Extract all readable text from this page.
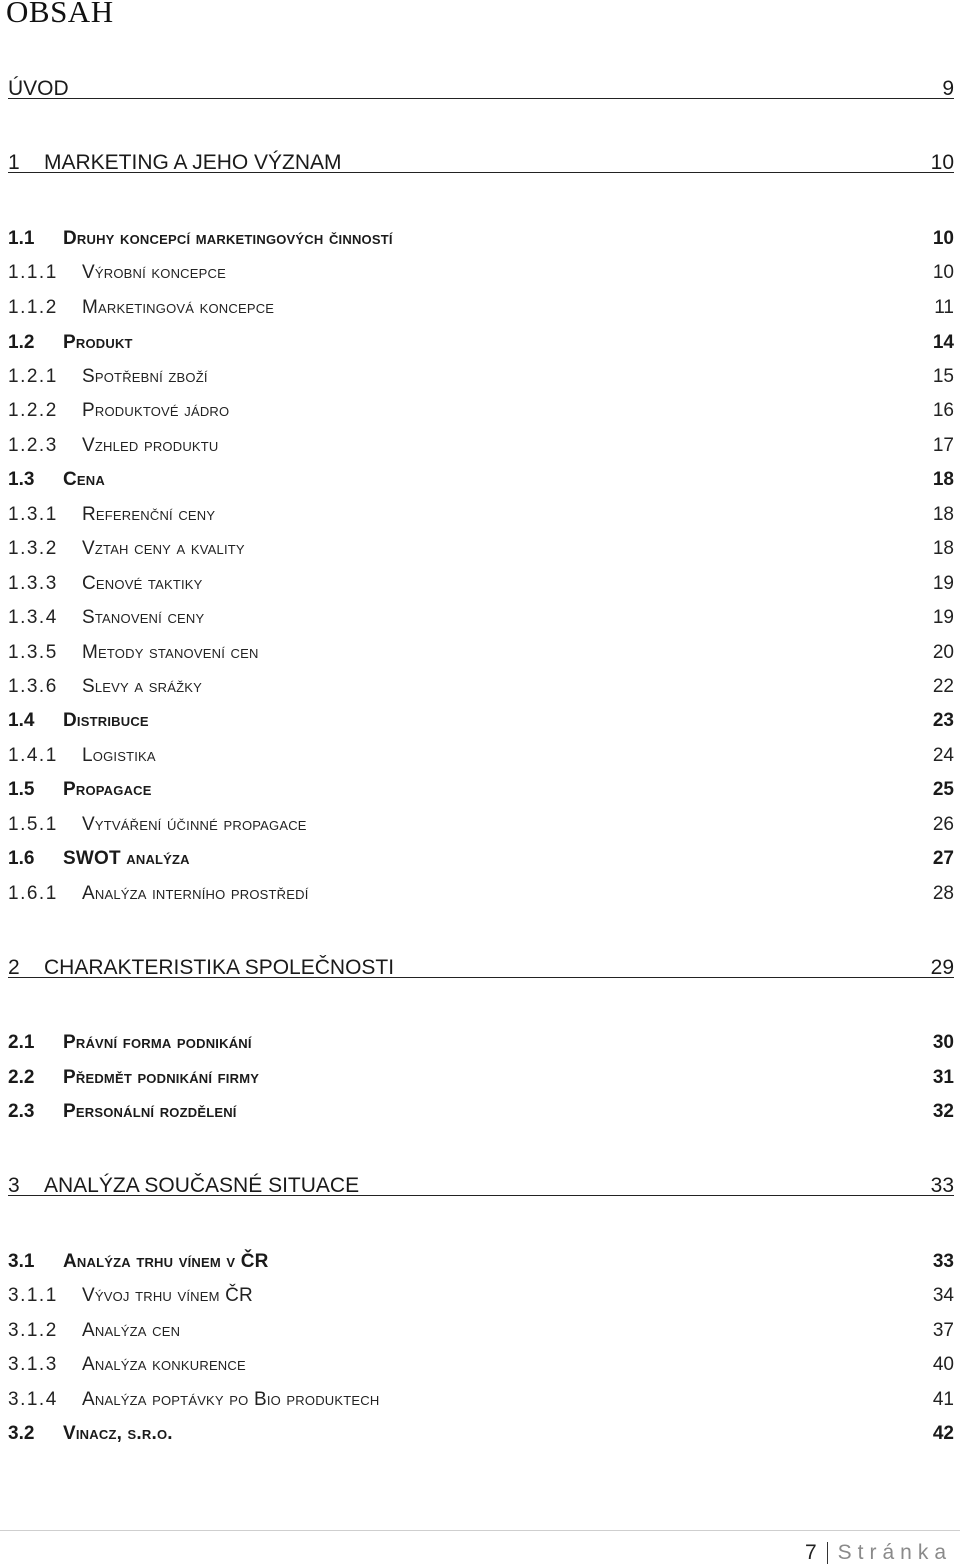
OBSAH
ÚVOD	9
1 MARKETING A JEHO VÝZNAM	10
1.1 Druhy koncepcí marketingových činností	10
1.1.1 Výrobní koncepce	10
1.1.2 Marketingová koncepce	11
1.2 Produkt	14
1.2.1 Spotřební zboží	15
1.2.2 Produktové jádro	16
1.2.3 Vzhled produktu	17
1.3 Cena	18
1.3.1 Referenční ceny	18
1.3.2 Vztah ceny a kvality	18
1.3.3 Cenové taktiky	19
1.3.4 Stanovení ceny	19
1.3.5 Metody stanovení cen	20
1.3.6 Slevy a srážky	22
1.4 Distribuce	23
1.4.1 Logistika	24
1.5 Propagace	25
1.5.1 Vytváření účinné propagace	26
1.6 SWOT analýza	27
1.6.1 Analýza interního prostředí	28
2 CHARAKTERISTIKA SPOLEČNOSTI	29
2.1 Právní forma podnikání	30
2.2 Předmět podnikání firmy	31
2.3 Personální rozdělení	32
3 ANALÝZA SOUČASNÉ SITUACE	33
3.1 Analýza trhu vínem v ČR	33
3.1.1 Vývoj trhu vínem ČR	34
3.1.2 Analýza cen	37
3.1.3 Analýza konkurence	40
3.1.4 Analýza poptávky po Bio produktech	41
3.2 Vinacz, s.r.o.	42
7 Stránka
